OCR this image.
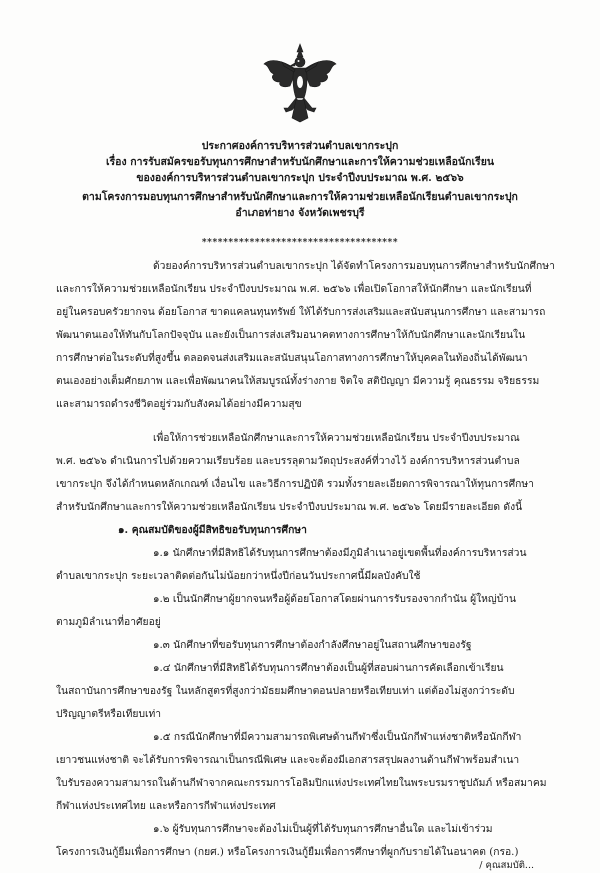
ประกาศองค์การบริหารส่วนตำบลเขากระปุก
เรื่อง การรับสมัครขอรับทุนการศึกษาสำหรับนักศึกษาและการให้ความช่วยเหลือนักเรียน
ขององค์การบริหารส่วนตำบลเขากระปุก ประจำปีงบประมาณ พ.ศ. ๒๕๖๖
ตามโครงการมอบทุนการศึกษาสำหรับนักศึกษาและการให้ความช่วยเหลือนักเรียนตำบลเขากระปุก
อำเภอท่ายาง จังหวัดเพชรบุรี
*************************************
ด้วยองค์การบริหารส่วนตำบลเขากระปุก ได้จัดทำโครงการมอบทุนการศึกษาสำหรับนักศึกษา
และการให้ความช่วยเหลือนักเรียน ประจำปีงบประมาณ พ.ศ. ๒๕๖๖ เพื่อเปิดโอกาสให้นักศึกษา และนักเรียนที่
อยู่ในครอบครัวยากจน ด้อยโอกาส ขาดแคลนทุนทรัพย์ ให้ได้รับการส่งเสริมและสนับสนุนการศึกษา และสามารถ
พัฒนาตนเองให้ทันกับโลกปัจจุบัน และยังเป็นการส่งเสริมอนาคตทางการศึกษาให้กับนักศึกษาและนักเรียนใน
การศึกษาต่อในระดับที่สูงขึ้น ตลอดจนส่งเสริมและสนับสนุนโอกาสทางการศึกษาให้บุคคลในท้องถิ่นได้พัฒนา
ตนเองอย่างเต็มศักยภาพ และเพื่อพัฒนาคนให้สมบูรณ์ทั้งร่างกาย จิตใจ สติปัญญา มีความรู้ คุณธรรม จริยธรรม
และสามารถดำรงชีวิตอยู่ร่วมกับสังคมได้อย่างมีความสุข
เพื่อให้การช่วยเหลือนักศึกษาและการให้ความช่วยเหลือนักเรียน ประจำปีงบประมาณ
พ.ศ. ๒๕๖๖ ดำเนินการไปด้วยความเรียบร้อย และบรรลุตามวัตถุประสงค์ที่วางไว้ องค์การบริหารส่วนตำบล
เขากระปุก จึงได้กำหนดหลักเกณฑ์ เงื่อนไข และวิธีการปฏิบัติ รวมทั้งรายละเอียดการพิจารณาให้ทุนการศึกษา
สำหรับนักศึกษาและการให้ความช่วยเหลือนักเรียน ประจำปีงบประมาณ พ.ศ. ๒๕๖๖ โดยมีรายละเอียด ดังนี้
๑. คุณสมบัติของผู้มีสิทธิขอรับทุนการศึกษา
๑.๑ นักศึกษาที่มีสิทธิได้รับทุนการศึกษาต้องมีภูมิลำเนาอยู่เขตพื้นที่องค์การบริหารส่วน
ตำบลเขากระปุก ระยะเวลาติดต่อกันไม่น้อยกว่าหนึ่งปีก่อนวันประกาศนี้มีผลบังคับใช้
๑.๒ เป็นนักศึกษาผู้ยากจนหรือผู้ด้อยโอกาสโดยผ่านการรับรองจากกำนัน ผู้ใหญ่บ้าน
ตามภูมิลำเนาที่อาศัยอยู่
๑.๓ นักศึกษาที่ขอรับทุนการศึกษาต้องกำลังศึกษาอยู่ในสถานศึกษาของรัฐ
๑.๔ นักศึกษาที่มีสิทธิได้รับทุนการศึกษาต้องเป็นผู้ที่สอบผ่านการคัดเลือกเข้าเรียน
ในสถาบันการศึกษาของรัฐ ในหลักสูตรที่สูงกว่ามัธยมศึกษาตอนปลายหรือเทียบเท่า แต่ต้องไม่สูงกว่าระดับ
ปริญญาตรีหรือเทียบเท่า
๑.๕ กรณีนักศึกษาที่มีความสามารถพิเศษด้านกีฬาซึ่งเป็นนักกีฬาแห่งชาติหรือนักกีฬา
เยาวชนแห่งชาติ จะได้รับการพิจารณาเป็นกรณีพิเศษ และจะต้องมีเอกสารสรุปผลงานด้านกีฬาพร้อมสำเนา
ใบรับรองความสามารถในด้านกีฬาจากคณะกรรมการโอลิมปิกแห่งประเทศไทยในพระบรมราชูปถัมภ์ หรือสมาคม
กีฬาแห่งประเทศไทย และหรือการกีฬาแห่งประเทศ
๑.๖ ผู้รับทุนการศึกษาจะต้องไม่เป็นผู้ที่ได้รับทุนการศึกษาอื่นใด และไม่เข้าร่วม
โครงการเงินกู้ยืมเพื่อการศึกษา (กยศ.) หรือโครงการเงินกู้ยืมเพื่อการศึกษาที่ผูกกับรายได้ในอนาคต (กรอ.)
/ คุณสมบัติ...
